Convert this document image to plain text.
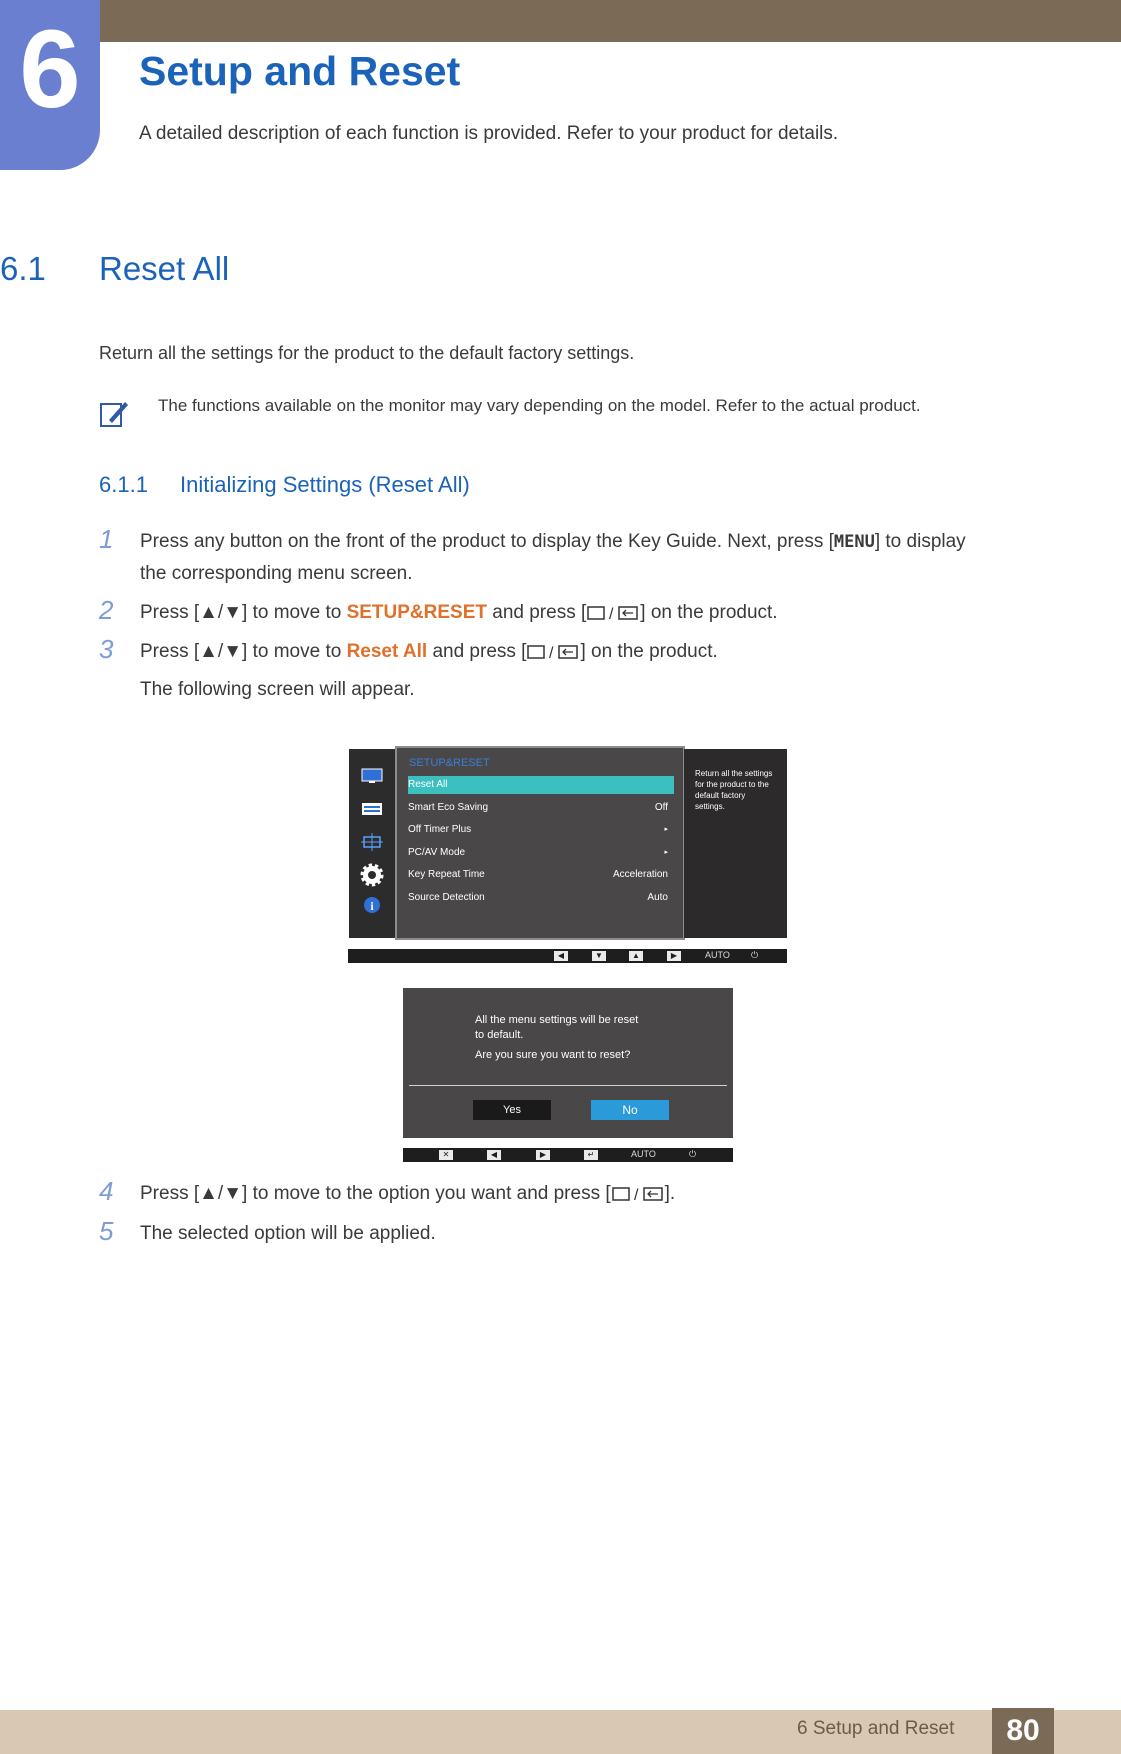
6	Setup and Reset
A detailed description of each function is provided. Refer to your product for details.
6.1 Reset All
Return all the settings for the product to the default factory settings.
The functions available on the monitor may vary depending on the model. Refer to the actual product.
6.1.1 Initializing Settings (Reset All)
1 Press any button on the front of the product to display the Key Guide. Next, press [MENU] to display
the corresponding menu screen.
2 Press [▲/▼] to move to SETUP&RESET and press [ / ] on the product.
3 Press [▲/▼] to move to Reset All and press [ / ] on the product.
The following screen will appear.
i
SETUP&RESET
Reset All
Smart Eco Saving	Off
Off Timer Plus	▸
PC/AV Mode	▸
Key Repeat Time	Acceleration
Source Detection	Auto
Return all the settings for the product to the default factory settings.
◀	▼	▲	▶	AUTO ⏻
All the menu settings will be reset
to default.
Are you sure you want to reset?
Yes	No
✕	◀	▶	↵	AUTO	⏻
4 Press [▲/▼] to move to the option you want and press [ / ].
5 The selected option will be applied.
6 Setup and Reset	80
